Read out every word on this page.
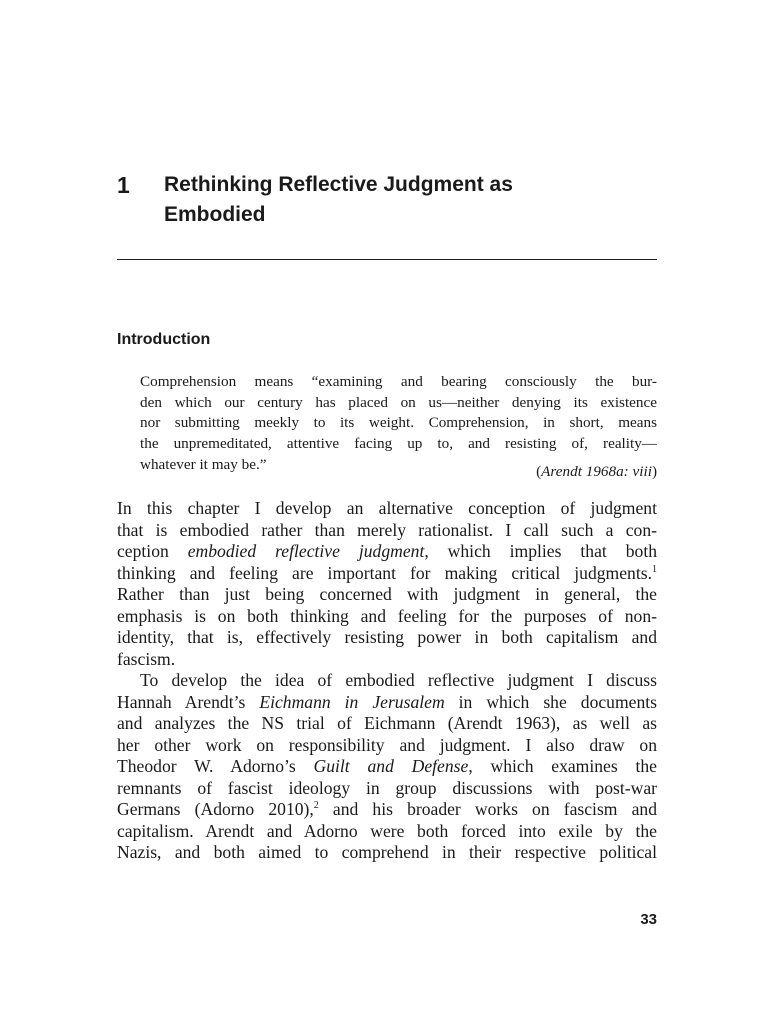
1 Rethinking Reflective Judgment as
Embodied
Introduction
Comprehension means “examining and bearing consciously the bur-
den which our century has placed on us—neither denying its existence
nor submitting meekly to its weight. Comprehension, in short, means
the unpremeditated, attentive facing up to, and resisting of, reality—
whatever it may be.”	(Arendt 1968a: viii)
In this chapter I develop an alternative conception of judgment
that is embodied rather than merely rationalist. I call such a con-
ception embodied reflective judgment, which implies that both
thinking and feeling are important for making critical judgments.$^1$
Rather than just being concerned with judgment in general, the
emphasis is on both thinking and feeling for the purposes of non-
identity, that is, effectively resisting power in both capitalism and
fascism.
To develop the idea of embodied reflective judgment I discuss
Hannah Arendt’s Eichmann in Jerusalem in which she documents
and analyzes the NS trial of Eichmann (Arendt 1963), as well as
her other work on responsibility and judgment. I also draw on
Theodor W. Adorno’s Guilt and Defense, which examines the
remnants of fascist ideology in group discussions with post-war
Germans (Adorno 2010),$^2$ and his broader works on fascism and
capitalism. Arendt and Adorno were both forced into exile by the
Nazis, and both aimed to comprehend in their respective political
33
